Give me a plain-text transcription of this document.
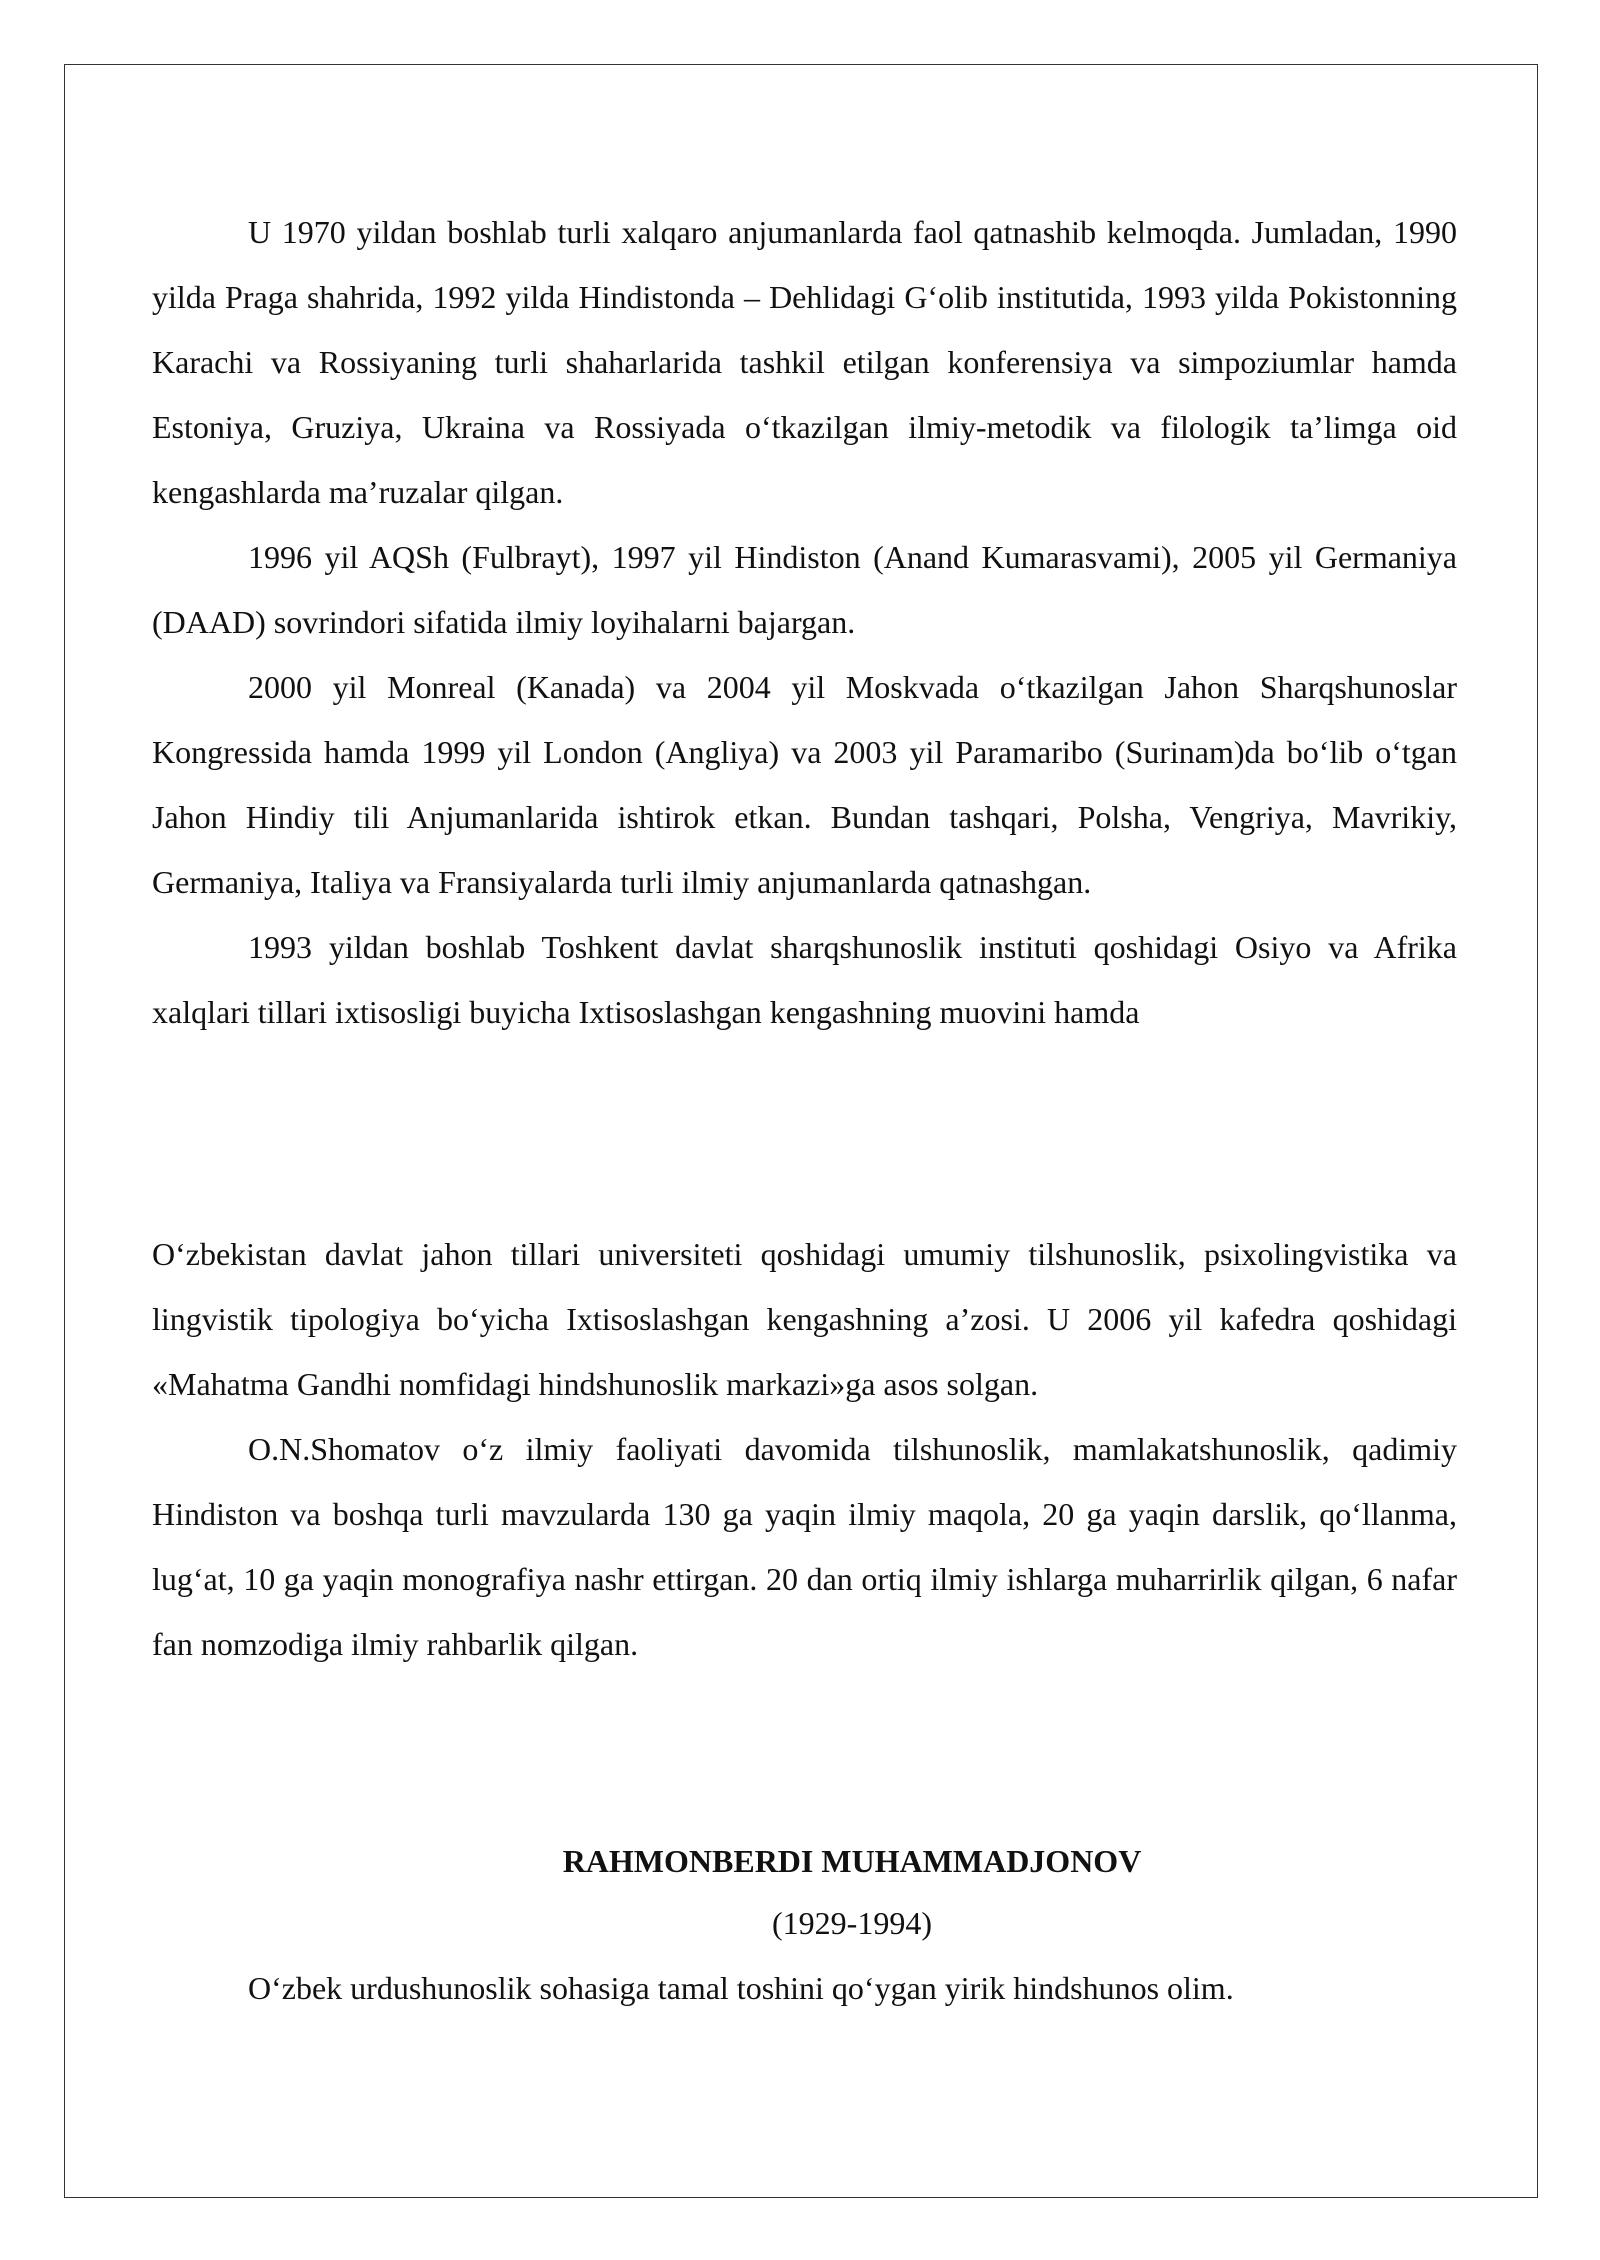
U 1970 yildan boshlab turli xalqaro anjumanlarda faol qatnashib kelmoqda. Jumladan, 1990 yilda Praga shahrida, 1992 yilda Hindistonda – Dehlidagi G‘olib institutida, 1993 yilda Pokistonning Karachi va Rossiyaning turli shaharlarida tashkil etilgan konferensiya va simpoziumlar hamda Estoniya, Gruziya, Ukraina va Rossiyada o‘tkazilgan ilmiy-metodik va filologik ta’limga oid kengashlarda ma’ruzalar qilgan.

1996 yil AQSh (Fulbrayt), 1997 yil Hindiston (Anand Kumarasvami), 2005 yil Germaniya (DAAD) sovrindori sifatida ilmiy loyihalarni bajargan.

2000 yil Monreal (Kanada) va 2004 yil Moskvada o‘tkazilgan Jahon Sharqshunoslar Kongressida hamda 1999 yil London (Angliya) va 2003 yil Paramaribo (Surinam)da bo‘lib o‘tgan Jahon Hindiy tili Anjumanlarida ishtirok etkan. Bundan tashqari, Polsha, Vengriya, Mavrikiy, Germaniya, Italiya va Fransiyalarda turli ilmiy anjumanlarda qatnashgan.

1993 yildan boshlab Toshkent davlat sharqshunoslik instituti qoshidagi Osiyo va Afrika xalqlari tillari ixtisosligi buyicha Ixtisoslashgan kengashning muovini hamda

O‘zbekistan davlat jahon tillari universiteti qoshidagi umumiy tilshunoslik, psixolingvistika va lingvistik tipologiya bo‘yicha Ixtisoslashgan kengashning a’zosi. U 2006 yil kafedra qoshidagi «Mahatma Gandhi nomfidagi hindshunoslik markazi»ga asos solgan.

O.N.Shomatov o‘z ilmiy faoliyati davomida tilshunoslik, mamlakatshunoslik, qadimiy Hindiston va boshqa turli mavzularda 130 ga yaqin ilmiy maqola, 20 ga yaqin darslik, qo‘llanma, lug‘at, 10 ga yaqin monografiya nashr ettirgan. 20 dan ortiq ilmiy ishlarga muharrirlik qilgan, 6 nafar fan nomzodiga ilmiy rahbarlik qilgan.

RAHMONBERDI MUHAMMADJONOV
(1929-1994)
O‘zbek urdushunoslik sohasiga tamal toshini qo‘ygan yirik hindshunos olim.
